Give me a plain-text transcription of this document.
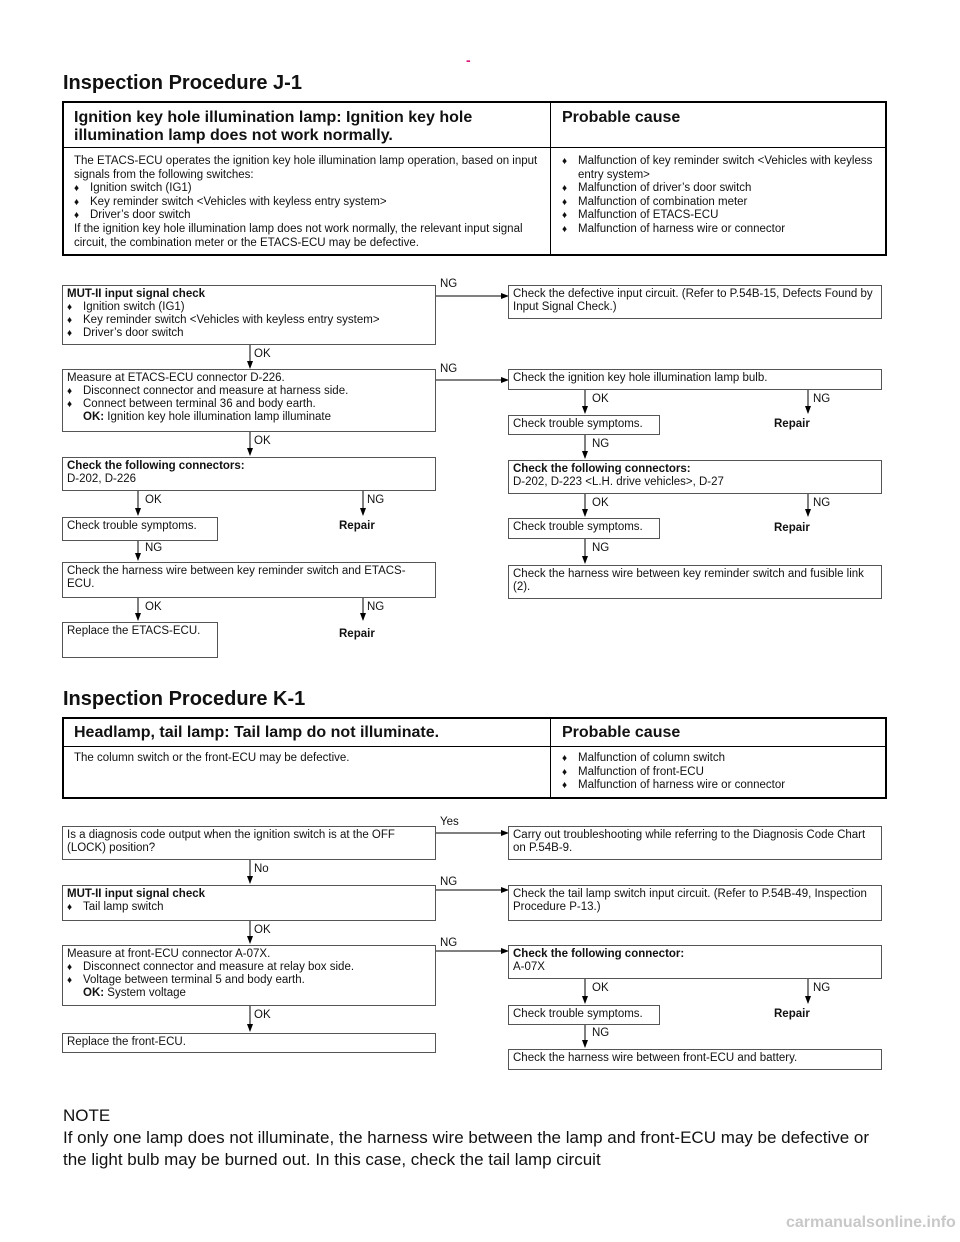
-
Inspection Procedure J-1
Ignition key hole illumination lamp: Ignition key hole illumination lamp does not work normally.
Probable cause
The ETACS-ECU operates the ignition key hole illumination lamp operation, based on input signals from the following switches:
♦ Ignition switch (IG1)
♦ Key reminder switch <Vehicles with keyless entry system>
♦ Driver’s door switch
If the ignition key hole illumination lamp does not work normally, the relevant input signal circuit, the combination meter or the ETACS-ECU may be defective.
♦ Malfunction of key reminder switch <Vehicles with keyless entry system>
♦ Malfunction of driver’s door switch
♦ Malfunction of combination meter
♦ Malfunction of ETACS-ECU
♦ Malfunction of harness wire or connector
MUT-II input signal check
♦ Ignition switch (IG1)
♦ Key reminder switch <Vehicles with keyless entry system>
♦ Driver’s door switch
NG
OK
Measure at ETACS-ECU connector D-226.
♦ Disconnect connector and measure at harness side.
♦ Connect between terminal 36 and body earth.
OK: Ignition key hole illumination lamp illuminate
NG
OK
Check the following connectors:
D-202, D-226
OK	NG
Check trouble symptoms.	Repair
NG
Check the harness wire between key reminder switch and ETACS-ECU.
OK	NG
Replace the ETACS-ECU.	Repair
Check the defective input circuit. (Refer to P.54B-15, Defects Found by Input Signal Check.)
Check the ignition key hole illumination lamp bulb.
OK	NG
Check trouble symptoms.	Repair
NG
Check the following connectors:
D-202, D-223 <L.H. drive vehicles>, D-27
OK	NG
Check trouble symptoms.	Repair
NG
Check the harness wire between key reminder switch and fusible link (2).
Inspection Procedure K-1
Headlamp, tail lamp: Tail lamp do not illuminate.	Probable cause
The column switch or the front-ECU may be defective.
♦	Malfunction of column switch
♦ Malfunction of front-ECU
♦ Malfunction of harness wire or connector
Is a diagnosis code output when the ignition switch is at the OFF (LOCK) position?
Yes
No
MUT-II input signal check
♦ Tail lamp switch
NG
OK
Measure at front-ECU connector A-07X.
♦ Disconnect connector and measure at relay box side.
♦ Voltage between terminal 5 and body earth.
OK: System voltage
NG
OK
Replace the front-ECU.
Carry out troubleshooting while referring to the Diagnosis Code Chart on P.54B-9.
Check the tail lamp switch input circuit. (Refer to P.54B-49, Inspection Procedure P-13.)
Check the following connector:
A-07X
OK	NG
Check trouble symptoms.	Repair
NG
Check the harness wire between front-ECU and battery.
NOTE
If only one lamp does not illuminate, the harness wire between the lamp and front-ECU may be defective or the light bulb may be burned out. In this case, check the tail lamp circuit
carmanualsonline.info
